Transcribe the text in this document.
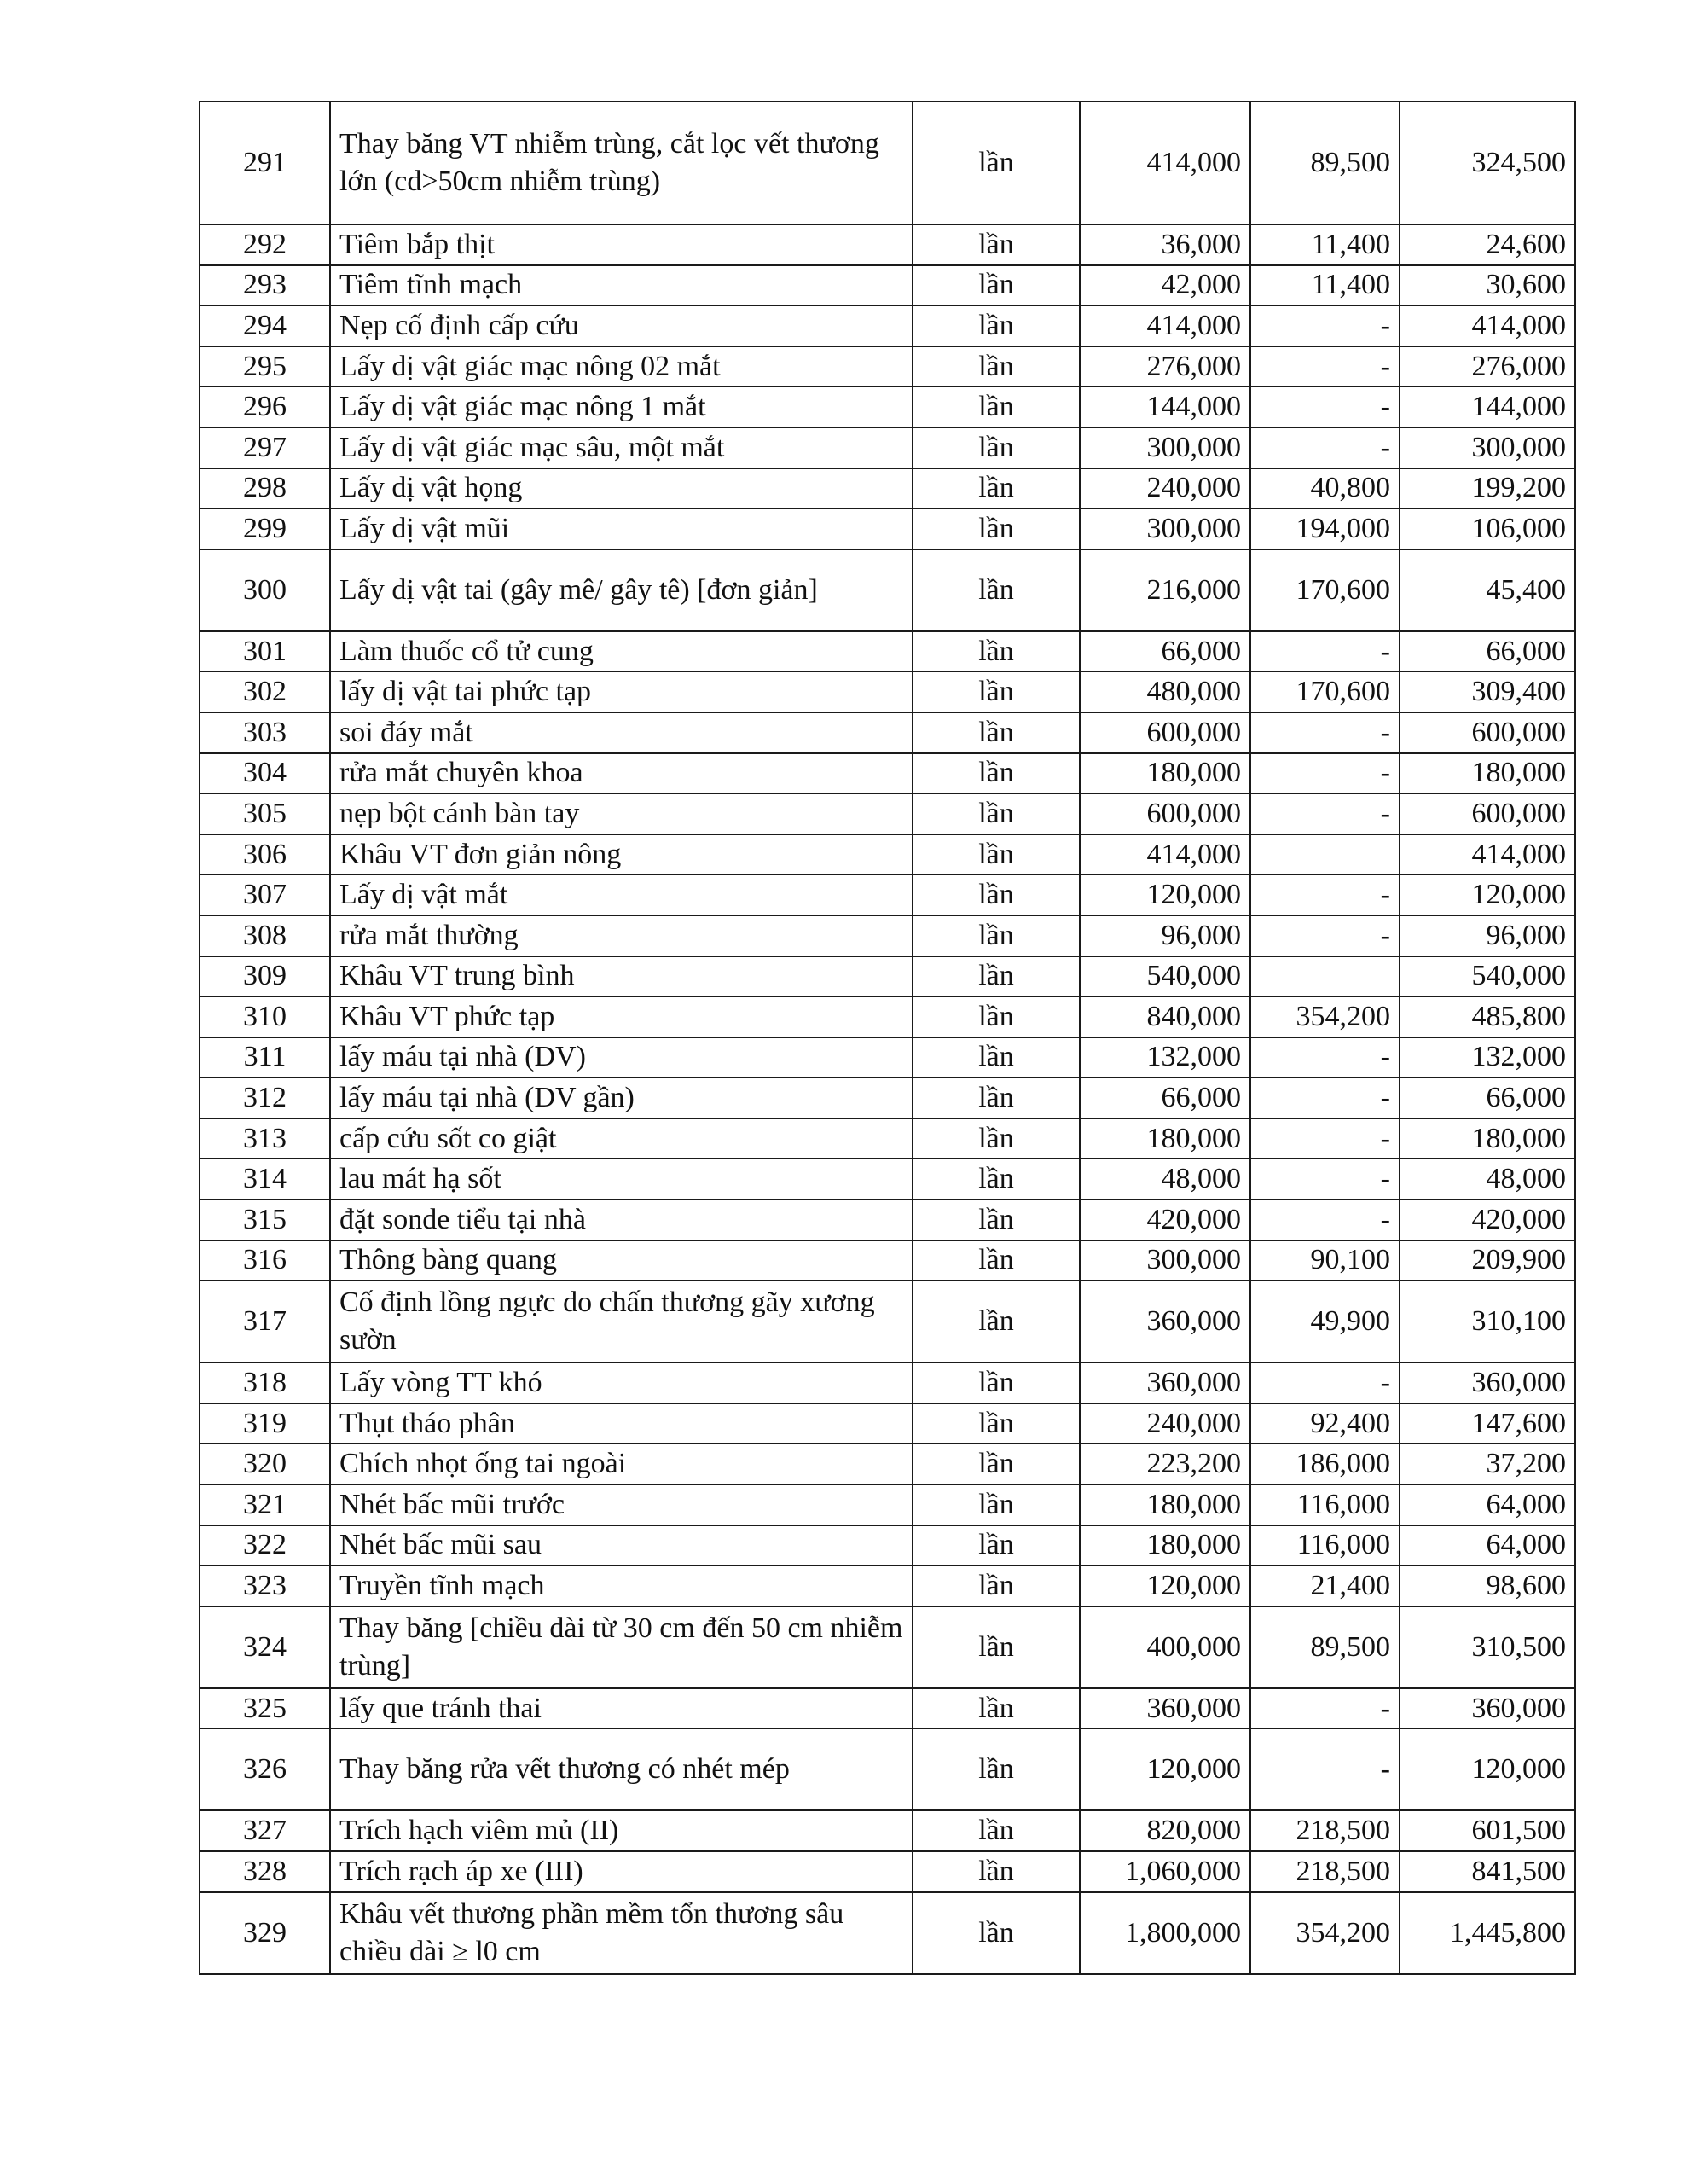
291	Thay băng VT nhiễm trùng, cắt lọc vết thương lớn (cd>50cm nhiễm trùng)	lần	414,000	89,500	324,500
292	Tiêm bắp thịt	lần	36,000	11,400	24,600
293	Tiêm tĩnh mạch	lần	42,000	11,400	30,600
294	Nẹp cố định cấp cứu	lần	414,000	-	414,000
295	Lấy dị vật giác mạc nông 02 mắt	lần	276,000	-	276,000
296	Lấy dị vật giác mạc nông 1 mắt	lần	144,000	-	144,000
297	Lấy dị vật giác mạc sâu, một mắt	lần	300,000	-	300,000
298	Lấy dị vật họng	lần	240,000	40,800	199,200
299	Lấy dị vật mũi	lần	300,000	194,000	106,000
300	Lấy dị vật tai (gây mê/ gây tê) [đơn giản]	lần	216,000	170,600	45,400
301	Làm thuốc cổ tử cung	lần	66,000	-	66,000
302	lấy dị vật tai phức tạp	lần	480,000	170,600	309,400
303	soi đáy mắt	lần	600,000	-	600,000
304	rửa mắt chuyên khoa	lần	180,000	-	180,000
305	nẹp bột cánh bàn tay	lần	600,000	-	600,000
306	Khâu VT đơn giản nông	lần	414,000		414,000
307	Lấy dị vật mắt	lần	120,000	-	120,000
308	rửa mắt thường	lần	96,000	-	96,000
309	Khâu VT trung bình	lần	540,000		540,000
310	Khâu VT phức tạp	lần	840,000	354,200	485,800
311	lấy máu tại nhà (DV)	lần	132,000	-	132,000
312	lấy máu tại nhà (DV gần)	lần	66,000	-	66,000
313	cấp cứu sốt co giật	lần	180,000	-	180,000
314	lau mát hạ sốt	lần	48,000	-	48,000
315	đặt sonde tiểu tại nhà	lần	420,000	-	420,000
316	Thông bàng quang	lần	300,000	90,100	209,900
317	Cố định lồng ngực do chấn thương gãy xương sườn	lần	360,000	49,900	310,100
318	Lấy vòng TT khó	lần	360,000	-	360,000
319	Thụt tháo phân	lần	240,000	92,400	147,600
320	Chích nhọt ống tai ngoài	lần	223,200	186,000	37,200
321	Nhét bấc mũi trước	lần	180,000	116,000	64,000
322	Nhét bấc mũi sau	lần	180,000	116,000	64,000
323	Truyền tĩnh mạch	lần	120,000	21,400	98,600
324	Thay băng [chiều dài từ 30 cm đến 50 cm nhiễm trùng]	lần	400,000	89,500	310,500
325	lấy que tránh thai	lần	360,000	-	360,000
326	Thay băng rửa vết thương có nhét mép	lần	120,000	-	120,000
327	Trích hạch viêm mủ (II)	lần	820,000	218,500	601,500
328	Trích rạch áp xe (III)	lần	1,060,000	218,500	841,500
329	Khâu vết thương phần mềm tổn thương sâu chiều dài ≥ l0 cm	lần	1,800,000	354,200	1,445,800
